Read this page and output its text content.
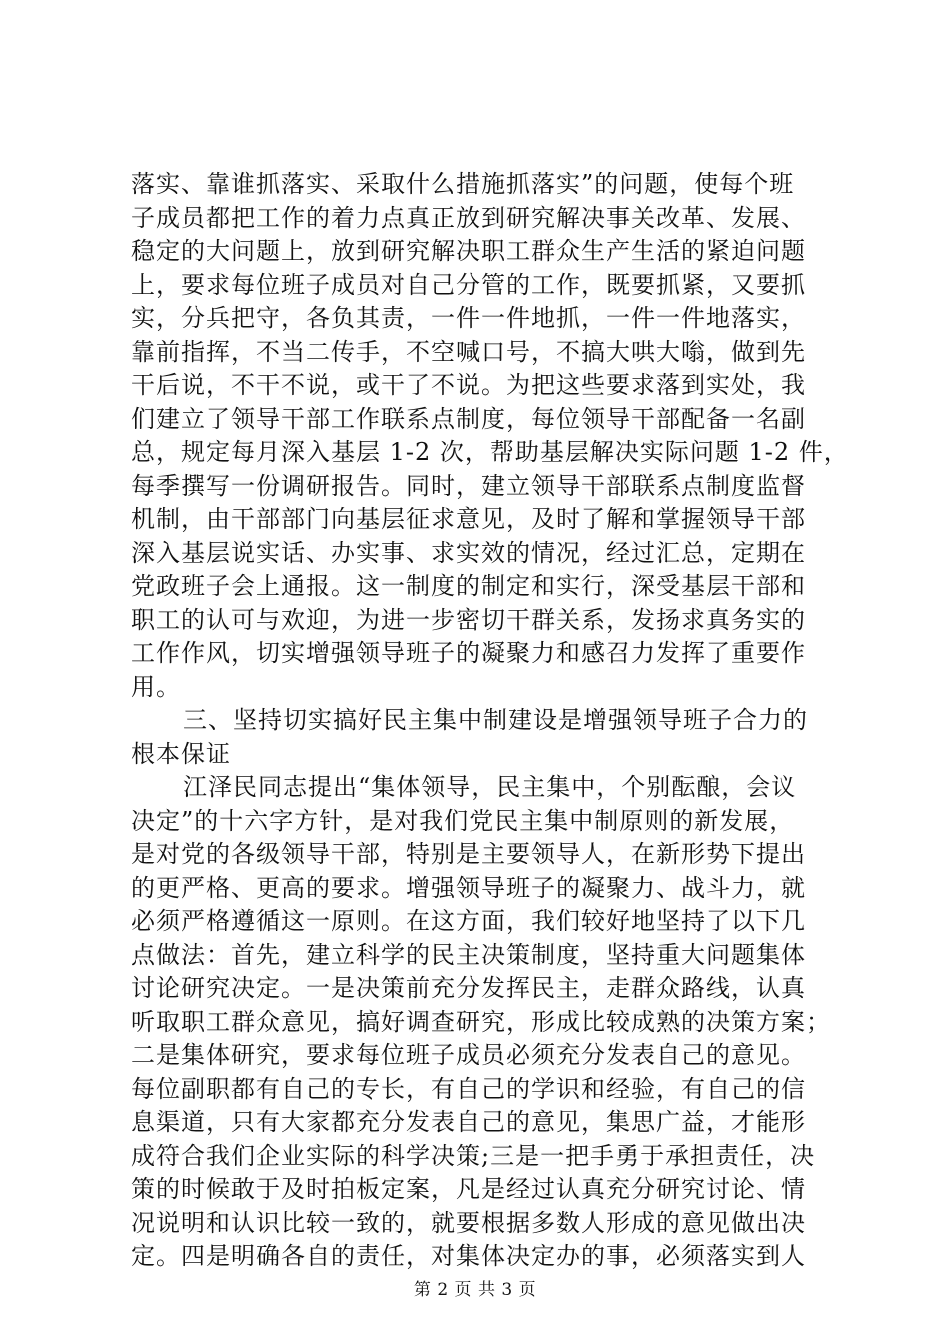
落实、靠谁抓落实、采取什么措施抓落实”的问题，使每个班
子成员都把工作的着力点真正放到研究解决事关改革、发展、
稳定的大问题上，放到研究解决职工群众生产生活的紧迫问题
上，要求每位班子成员对自己分管的工作，既要抓紧，又要抓
实，分兵把守，各负其责，一件一件地抓，一件一件地落实，
靠前指挥，不当二传手，不空喊口号，不搞大哄大嗡，做到先
干后说，不干不说，或干了不说。为把这些要求落到实处，我
们建立了领导干部工作联系点制度，每位领导干部配备一名副
总，规定每月深入基层 1-2 次，帮助基层解决实际问题 1-2 件，
每季撰写一份调研报告。同时，建立领导干部联系点制度监督
机制，由干部部门向基层征求意见，及时了解和掌握领导干部
深入基层说实话、办实事、求实效的情况，经过汇总，定期在
党政班子会上通报。这一制度的制定和实行，深受基层干部和
职工的认可与欢迎，为进一步密切干群关系，发扬求真务实的
工作作风，切实增强领导班子的凝聚力和感召力发挥了重要作
用。
三、坚持切实搞好民主集中制建设是增强领导班子合力的
根本保证
江泽民同志提出“集体领导，民主集中，个别酝酿，会议
决定”的十六字方针，是对我们党民主集中制原则的新发展，
是对党的各级领导干部，特别是主要领导人，在新形势下提出
的更严格、更高的要求。增强领导班子的凝聚力、战斗力，就
必须严格遵循这一原则。在这方面，我们较好地坚持了以下几
点做法：首先，建立科学的民主决策制度，坚持重大问题集体
讨论研究决定。一是决策前充分发挥民主，走群众路线，认真
听取职工群众意见，搞好调查研究，形成比较成熟的决策方案；
二是集体研究，要求每位班子成员必须充分发表自己的意见。
每位副职都有自己的专长，有自己的学识和经验，有自己的信
息渠道，只有大家都充分发表自己的意见，集思广益，才能形
成符合我们企业实际的科学决策;三是一把手勇于承担责任，决
策的时候敢于及时拍板定案，凡是经过认真充分研究讨论、情
况说明和认识比较一致的，就要根据多数人形成的意见做出决
定。四是明确各自的责任，对集体决定办的事，必须落实到人
第 2 页 共 3 页
